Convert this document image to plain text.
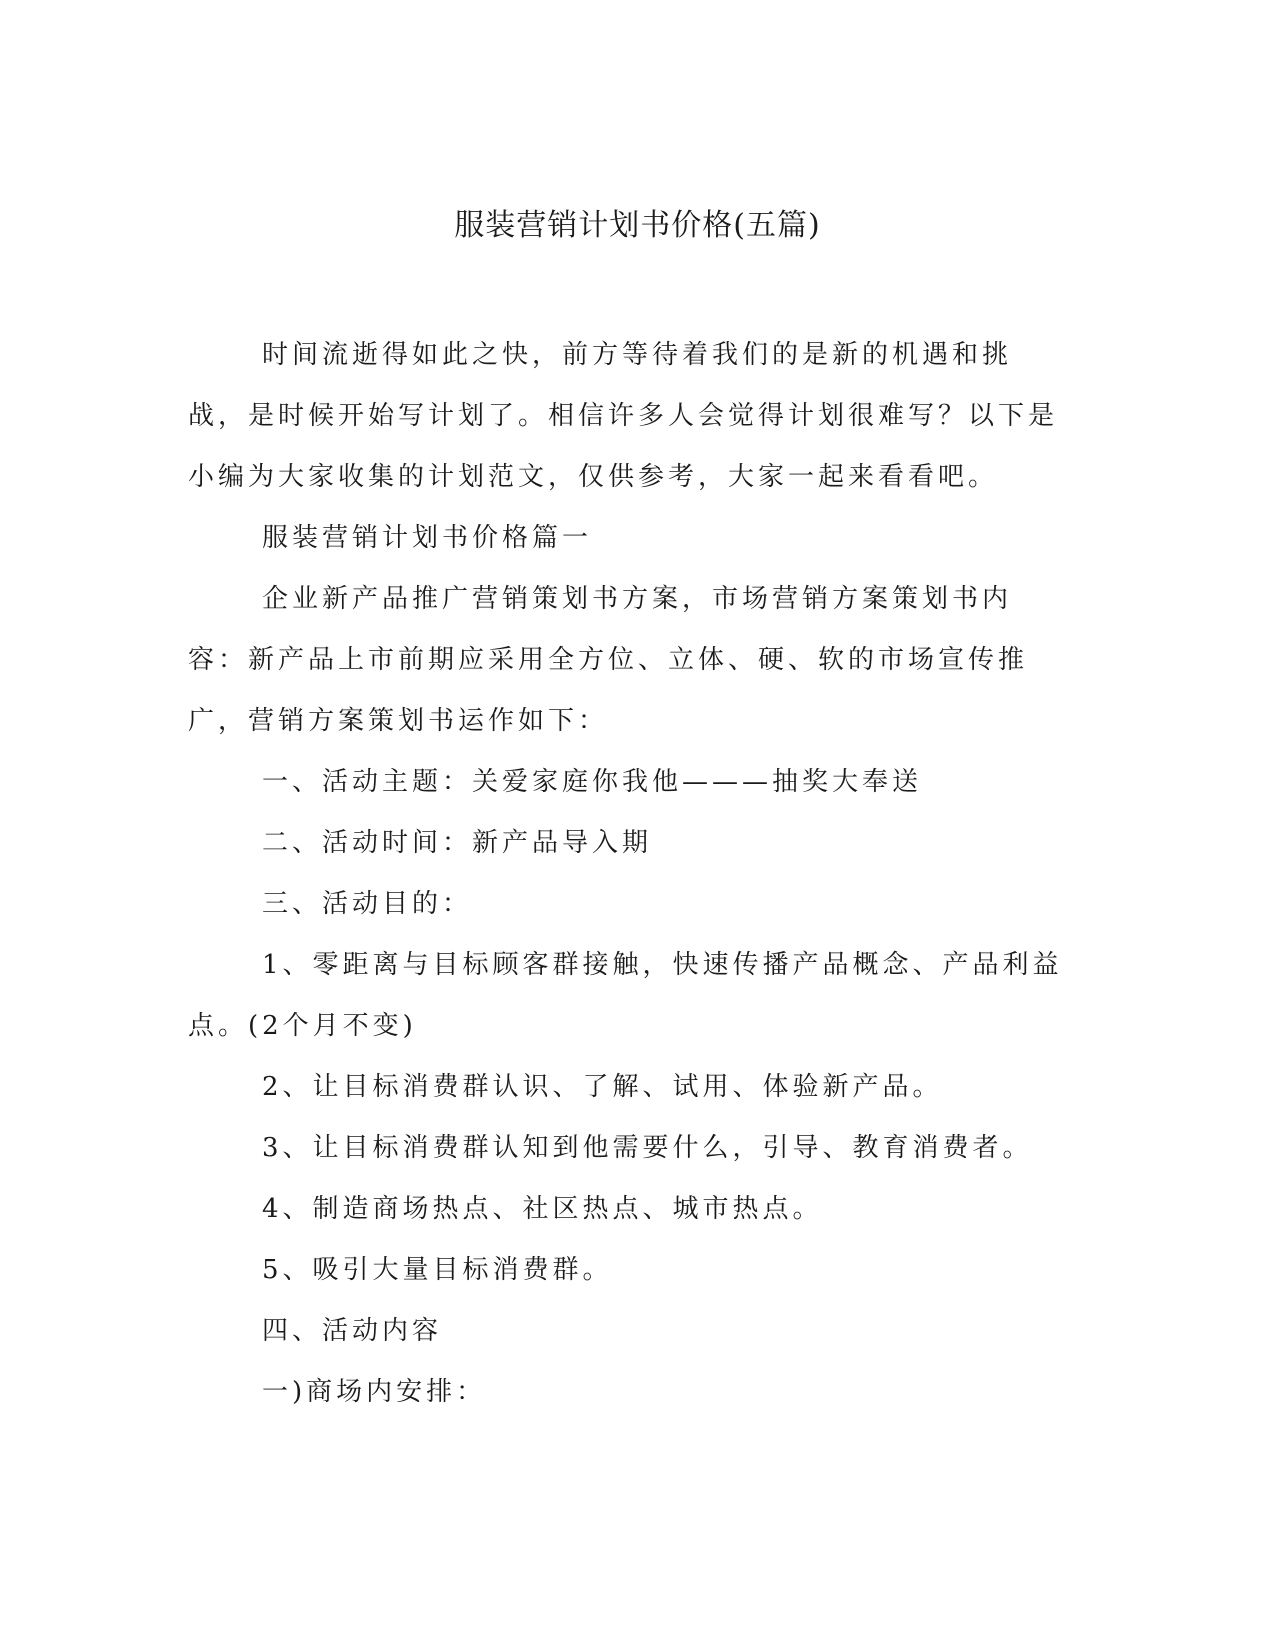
服装营销计划书价格(五篇)

时间流逝得如此之快，前方等待着我们的是新的机遇和挑战，是时候开始写计划了。相信许多人会觉得计划很难写？以下是小编为大家收集的计划范文，仅供参考，大家一起来看看吧。

服装营销计划书价格篇一

企业新产品推广营销策划书方案，市场营销方案策划书内容：新产品上市前期应采用全方位、立体、硬、软的市场宣传推广，营销方案策划书运作如下：

一、活动主题：关爱家庭你我他———抽奖大奉送

二、活动时间：新产品导入期

三、活动目的：

1、零距离与目标顾客群接触，快速传播产品概念、产品利益点。(2个月不变)

2、让目标消费群认识、了解、试用、体验新产品。

3、让目标消费群认知到他需要什么，引导、教育消费者。

4、制造商场热点、社区热点、城市热点。

5、吸引大量目标消费群。

四、活动内容

一)商场内安排：
